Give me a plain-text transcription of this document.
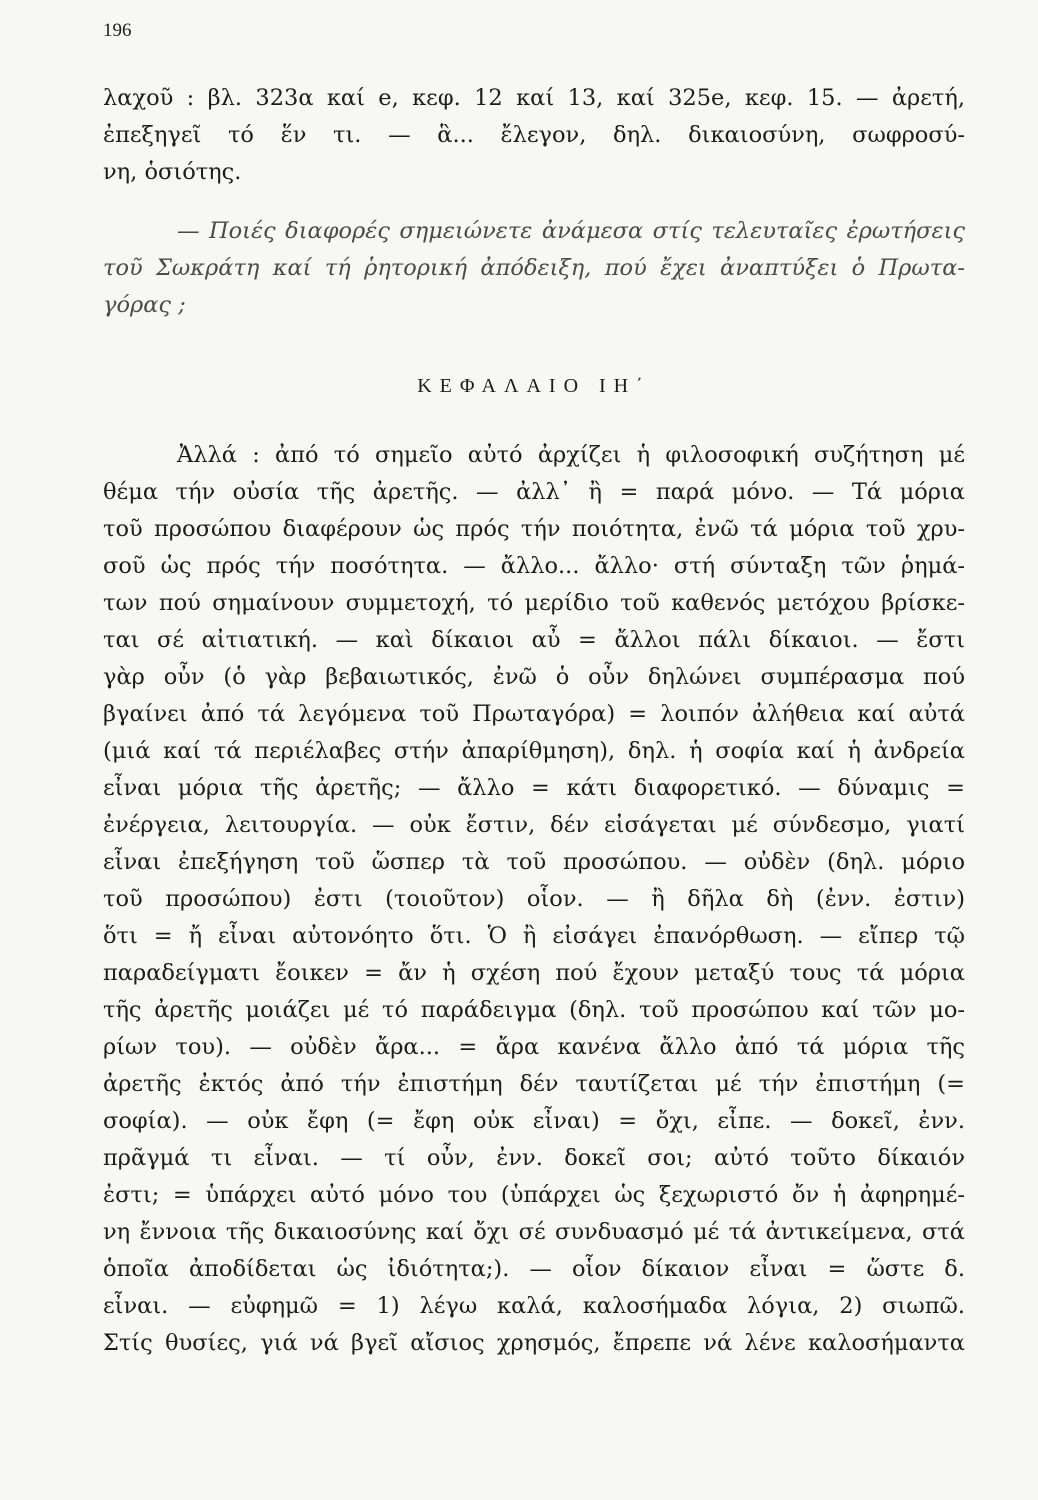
196
λαχοῦ : βλ. 323α καί e, κεφ. 12 καί 13, καί 325e, κεφ. 15. — ἀρετή,
ἐπεξηγεῖ τό ἕν τι. — ἃ... ἔλεγον, δηλ. δικαιοσύνη, σωφροσύ-
νη, ὁσιότης.
— Ποιές διαφορές σημειώνετε ἀνάμεσα στίς τελευταῖες ἐρωτήσεις
τοῦ Σωκράτη καί τή ῥητορική ἀπόδειξη, πού ἔχει ἀναπτύξει ὁ Πρωτα-
γόρας ;
ΚΕΦΑΛΑΙΟ ΙΗ΄
Ἀλλά : ἀπό τό σημεῖο αὐτό ἀρχίζει ἡ φιλοσοφική συζήτηση μέ
θέμα τήν οὐσία τῆς ἀρετῆς. — ἀλλ᾽ ἢ = παρά μόνο. — Τά μόρια
τοῦ προσώπου διαφέρουν ὡς πρός τήν ποιότητα, ἐνῶ τά μόρια τοῦ χρυ-
σοῦ ὡς πρός τήν ποσότητα. — ἄλλο... ἄλλο· στή σύνταξη τῶν ῥημά-
των πού σημαίνουν συμμετοχή, τό μερίδιο τοῦ καθενός μετόχου βρίσκε-
ται σέ αἰτιατική. — καὶ δίκαιοι αὖ = ἄλλοι πάλι δίκαιοι. — ἔστι
γὰρ οὖν (ὁ γὰρ βεβαιωτικός, ἐνῶ ὁ οὖν δηλώνει συμπέρασμα πού
βγαίνει ἀπό τά λεγόμενα τοῦ Πρωταγόρα) = λοιπόν ἀλήθεια καί αὐτά
(μιά καί τά περιέλαβες στήν ἀπαρίθμηση), δηλ. ἡ σοφία καί ἡ ἀνδρεία
εἶναι μόρια τῆς ἀρετῆς; — ἄλλο = κάτι διαφορετικό. — δύναμις =
ἐνέργεια, λειτουργία. — οὐκ ἔστιν, δέν εἰσάγεται μέ σύνδεσμο, γιατί
εἶναι ἐπεξήγηση τοῦ ὥσπερ τὰ τοῦ προσώπου. — οὐδὲν (δηλ. μόριο
τοῦ προσώπου) ἐστι (τοιοῦτον) οἷον. — ἢ δῆλα δὴ (ἐνν. ἐστιν)
ὅτι = ἤ εἶναι αὐτονόητο ὅτι. Ὁ ἢ εἰσάγει ἐπανόρθωση. — εἴπερ τῷ
παραδείγματι ἔοικεν = ἄν ἡ σχέση πού ἔχουν μεταξύ τους τά μόρια
τῆς ἀρετῆς μοιάζει μέ τό παράδειγμα (δηλ. τοῦ προσώπου καί τῶν μο-
ρίων του). — οὐδὲν ἄρα... = ἄρα κανένα ἄλλο ἀπό τά μόρια τῆς
ἀρετῆς ἐκτός ἀπό τήν ἐπιστήμη δέν ταυτίζεται μέ τήν ἐπιστήμη (=
σοφία). — οὐκ ἔφη (= ἔφη οὐκ εἶναι) = ὄχι, εἶπε. — δοκεῖ, ἐνν.
πρᾶγμά τι εἶναι. — τί οὖν, ἐνν. δοκεῖ σοι; αὐτό τοῦτο δίκαιόν
ἐστι; = ὑπάρχει αὐτό μόνο του (ὑπάρχει ὡς ξεχωριστό ὄν ἡ ἀφηρημέ-
νη ἔννοια τῆς δικαιοσύνης καί ὄχι σέ συνδυασμό μέ τά ἀντικείμενα, στά
ὁποῖα ἀποδίδεται ὡς ἰδιότητα;). — οἷον δίκαιον εἶναι = ὥστε δ.
εἶναι. — εὐφημῶ = 1) λέγω καλά, καλοσήμαδα λόγια, 2) σιωπῶ.
Στίς θυσίες, γιά νά βγεῖ αἴσιος χρησμός, ἔπρεπε νά λένε καλοσήμαντα
